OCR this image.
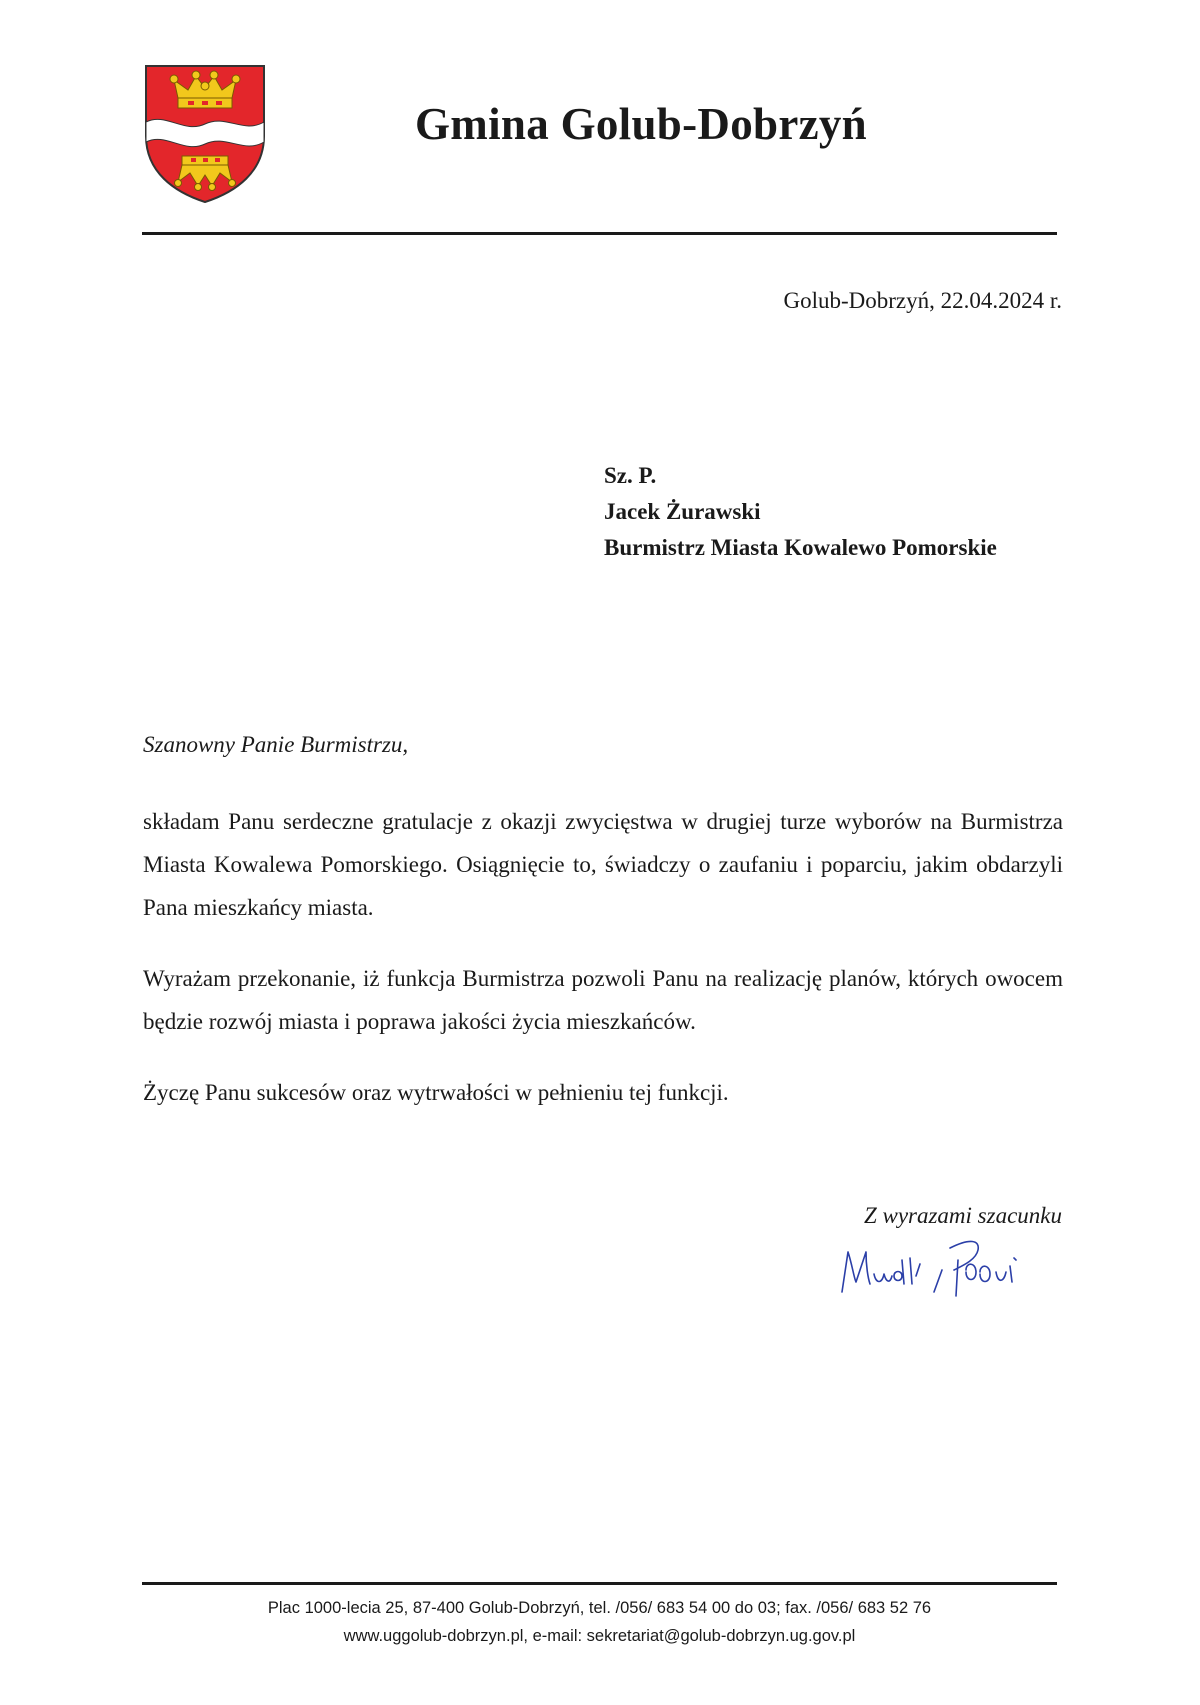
Gmina Golub-Dobrzyń
Golub-Dobrzyń, 22.04.2024 r.
Sz. P.
Jacek Żurawski
Burmistrz Miasta Kowalewo Pomorskie
Szanowny Panie Burmistrzu,

składam Panu serdeczne gratulacje z okazji zwycięstwa w drugiej turze wyborów na Burmistrza Miasta Kowalewa Pomorskiego. Osiągnięcie to, świadczy o zaufaniu i poparciu, jakim obdarzyli Pana mieszkańcy miasta.

Wyrażam przekonanie, iż funkcja Burmistrza pozwoli Panu na realizację planów, których owocem będzie rozwój miasta i poprawa jakości życia mieszkańców.

Życzę Panu sukcesów oraz wytrwałości w pełnieniu tej funkcji.

Z wyrazami szacunku
Plac 1000-lecia 25, 87-400 Golub-Dobrzyń, tel. /056/ 683 54 00 do 03; fax. /056/ 683 52 76
www.uggolub-dobrzyn.pl, e-mail: sekretariat@golub-dobrzyn.ug.gov.pl
